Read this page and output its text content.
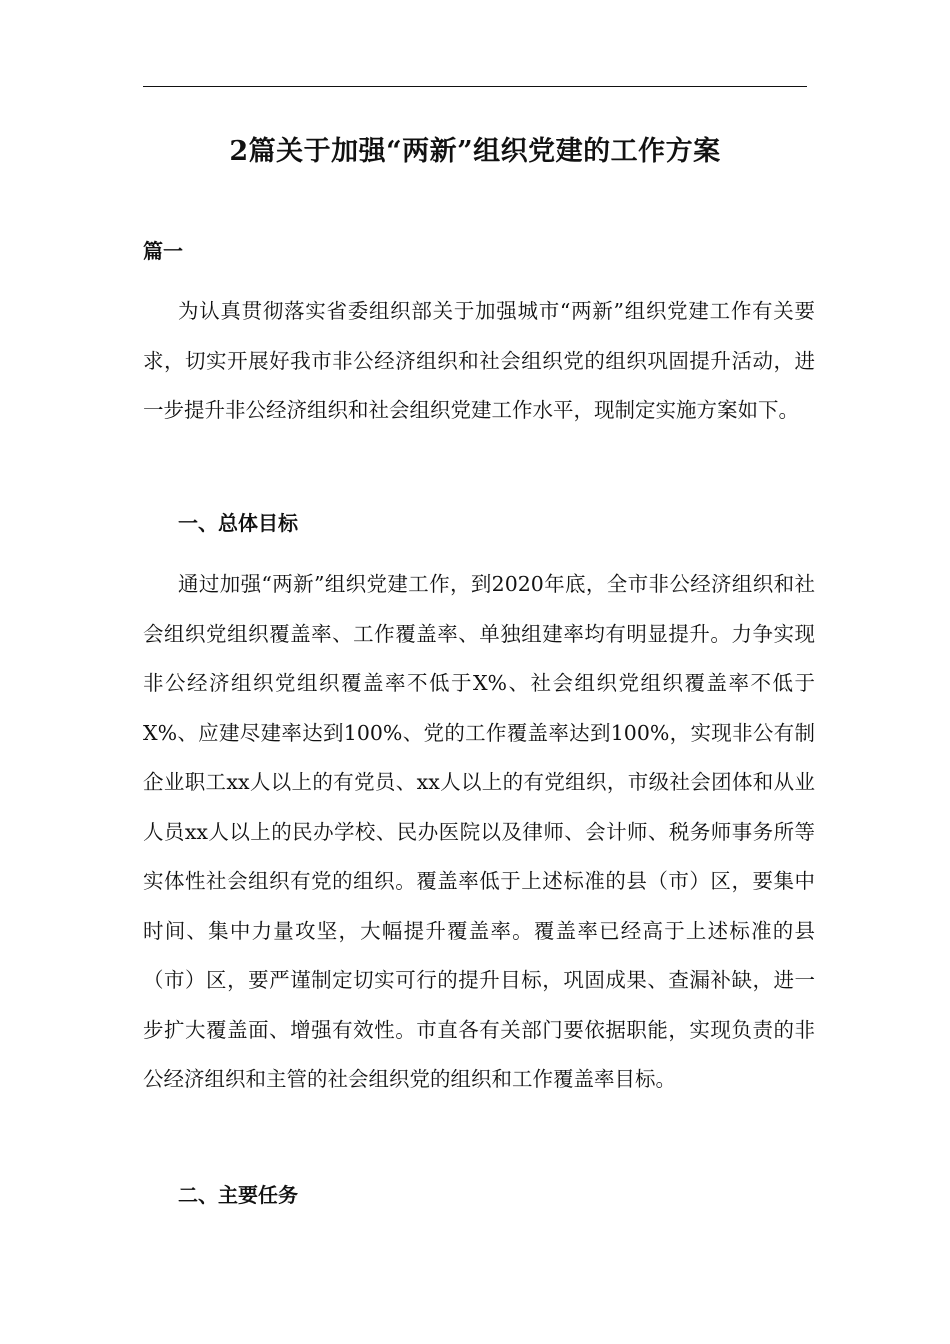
2篇关于加强“两新”组织党建的工作方案
篇一

为认真贯彻落实省委组织部关于加强城市“两新”组织党建工作有关要求，切实开展好我市非公经济组织和社会组织党的组织巩固提升活动，进一步提升非公经济组织和社会组织党建工作水平，现制定实施方案如下。

一、总体目标

通过加强“两新”组织党建工作，到2020年底，全市非公经济组织和社会组织党组织覆盖率、工作覆盖率、单独组建率均有明显提升。力争实现非公经济组织党组织覆盖率不低于X%、社会组织党组织覆盖率不低于X%、应建尽建率达到100%、党的工作覆盖率达到100%，实现非公有制企业职工xx人以上的有党员、xx人以上的有党组织，市级社会团体和从业人员xx人以上的民办学校、民办医院以及律师、会计师、税务师事务所等实体性社会组织有党的组织。覆盖率低于上述标准的县（市）区，要集中时间、集中力量攻坚，大幅提升覆盖率。覆盖率已经高于上述标准的县（市）区，要严谨制定切实可行的提升目标，巩固成果、查漏补缺，进一步扩大覆盖面、增强有效性。市直各有关部门要依据职能，实现负责的非公经济组织和主管的社会组织党的组织和工作覆盖率目标。

二、主要任务
